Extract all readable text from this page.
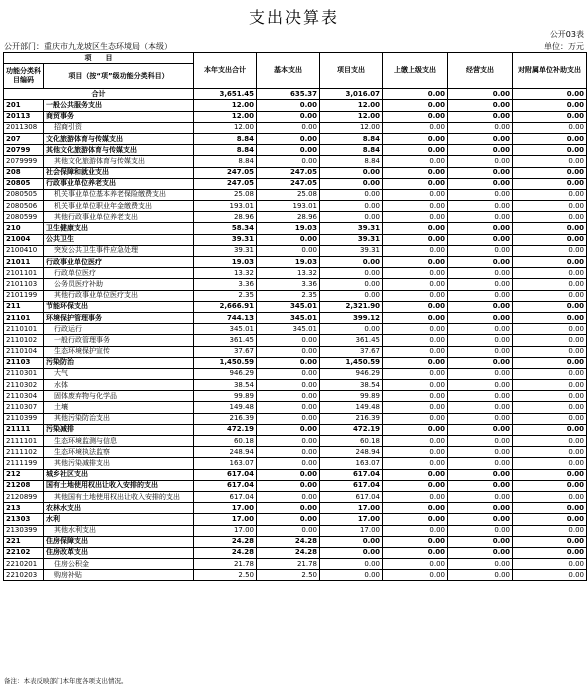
支出决算表
公开03表
公开部门：重庆市九龙坡区生态环境局（本级）	单位：万元
项　　目		本年支出合计	基本支出	项目支出	上缴上级支出	经营支出	对附属单位补助支出
功能分类科目编码	项目（按“项”级功能分类科目）						

合计		3,651.45	635.37	3,016.07	0.00	0.00	0.00
201	一般公共服务支出	12.00	0.00	12.00	0.00	0.00	0.00
20113	商贸事务	12.00	0.00	12.00	0.00	0.00	0.00
2011308	招商引资	12.00	0.00	12.00	0.00	0.00	0.00
207	文化旅游体育与传媒支出	8.84	0.00	8.84	0.00	0.00	0.00
20799	其他文化旅游体育与传媒支出	8.84	0.00	8.84	0.00	0.00	0.00
2079999	其他文化旅游体育与传媒支出	8.84	0.00	8.84	0.00	0.00	0.00
208	社会保障和就业支出	247.05	247.05	0.00	0.00	0.00	0.00
20805	行政事业单位养老支出	247.05	247.05	0.00	0.00	0.00	0.00
2080505	机关事业单位基本养老保险缴费支出	25.08	25.08	0.00	0.00	0.00	0.00
2080506	机关事业单位职业年金缴费支出	193.01	193.01	0.00	0.00	0.00	0.00
2080599	其他行政事业单位养老支出	28.96	28.96	0.00	0.00	0.00	0.00
210	卫生健康支出	58.34	19.03	39.31	0.00	0.00	0.00
21004	公共卫生	39.31	0.00	39.31	0.00	0.00	0.00
2100410	突发公共卫生事件应急处理	39.31	0.00	39.31	0.00	0.00	0.00
21011	行政事业单位医疗	19.03	19.03	0.00	0.00	0.00	0.00
2101101	行政单位医疗	13.32	13.32	0.00	0.00	0.00	0.00
2101103	公务员医疗补助	3.36	3.36	0.00	0.00	0.00	0.00
2101199	其他行政事业单位医疗支出	2.35	2.35	0.00	0.00	0.00	0.00
211	节能环保支出	2,666.91	345.01	2,321.90	0.00	0.00	0.00
21101	环境保护管理事务	744.13	345.01	399.12	0.00	0.00	0.00
2110101	行政运行	345.01	345.01	0.00	0.00	0.00	0.00
2110102	一般行政管理事务	361.45	0.00	361.45	0.00	0.00	0.00
2110104	生态环境保护宣传	37.67	0.00	37.67	0.00	0.00	0.00
21103	污染防治	1,450.59	0.00	1,450.59	0.00	0.00	0.00
2110301	大气	946.29	0.00	946.29	0.00	0.00	0.00
2110302	水体	38.54	0.00	38.54	0.00	0.00	0.00
2110304	固体废弃物与化学品	99.89	0.00	99.89	0.00	0.00	0.00
2110307	土壤	149.48	0.00	149.48	0.00	0.00	0.00
2110399	其他污染防治支出	216.39	0.00	216.39	0.00	0.00	0.00
21111	污染减排	472.19	0.00	472.19	0.00	0.00	0.00
2111101	生态环境监测与信息	60.18	0.00	60.18	0.00	0.00	0.00
2111102	生态环境执法监察	248.94	0.00	248.94	0.00	0.00	0.00
2111199	其他污染减排支出	163.07	0.00	163.07	0.00	0.00	0.00
212	城乡社区支出	617.04	0.00	617.04	0.00	0.00	0.00
21208	国有土地使用权出让收入安排的支出	617.04	0.00	617.04	0.00	0.00	0.00
2120899	其他国有土地使用权出让收入安排的支出	617.04	0.00	617.04	0.00	0.00	0.00
213	农林水支出	17.00	0.00	17.00	0.00	0.00	0.00
21303	水利	17.00	0.00	17.00	0.00	0.00	0.00
2130399	其他水利支出	17.00	0.00	17.00	0.00	0.00	0.00
221	住房保障支出	24.28	24.28	0.00	0.00	0.00	0.00
22102	住房改革支出	24.28	24.28	0.00	0.00	0.00	0.00
2210201	住房公积金	21.78	21.78	0.00	0.00	0.00	0.00
2210203	购房补贴	2.50	2.50	0.00	0.00	0.00	0.00
备注：本表反映部门本年度各项支出情况。
